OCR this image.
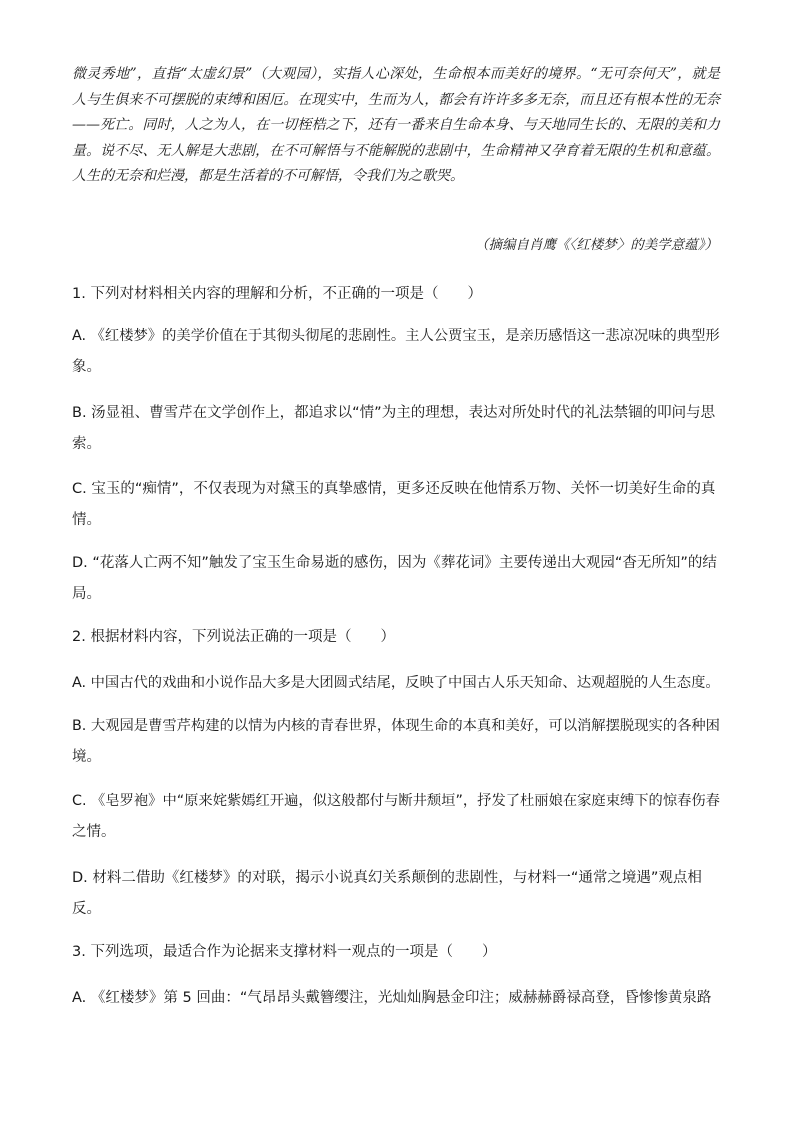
微灵秀地”，直指“太虚幻景”（大观园），实指人心深处，生命根本而美好的境界。“无可奈何天”，就是
人与生俱来不可摆脱的束缚和困厄。在现实中，生而为人，都会有许许多多无奈，而且还有根本性的无奈
——死亡。同时，人之为人，在一切桎梏之下，还有一番来自生命本身、与天地同生长的、无限的美和力
量。说不尽、无人解是大悲剧，在不可解悟与不能解脱的悲剧中，生命精神又孕育着无限的生机和意蕴。
人生的无奈和烂漫，都是生活着的不可解悟，令我们为之歌哭。
（摘编自肖鹰《〈红楼梦〉的美学意蕴》）
1. 下列对材料相关内容的理解和分析，不正确的一项是（　　）
A. 《红楼梦》的美学价值在于其彻头彻尾的悲剧性。主人公贾宝玉，是亲历感悟这一悲凉况味的典型形
象。
B. 汤显祖、曹雪芹在文学创作上，都追求以“情”为主的理想，表达对所处时代的礼法禁锢的叩问与思
索。
C. 宝玉的“痴情”，不仅表现为对黛玉的真挚感情，更多还反映在他情系万物、关怀一切美好生命的真
情。
D. “花落人亡两不知”触发了宝玉生命易逝的感伤，因为《葬花词》主要传递出大观园“杳无所知”的结
局。
2. 根据材料内容，下列说法正确的一项是（　　）
A. 中国古代的戏曲和小说作品大多是大团圆式结尾，反映了中国古人乐天知命、达观超脱的人生态度。
B. 大观园是曹雪芹构建的以情为内核的青春世界，体现生命的本真和美好，可以消解摆脱现实的各种困
境。
C. 《皂罗袍》中“原来姹紫嫣红开遍，似这般都付与断井颓垣”，抒发了杜丽娘在家庭束缚下的惊春伤春
之情。
D. 材料二借助《红楼梦》的对联，揭示小说真幻关系颠倒的悲剧性，与材料一“通常之境遇”观点相
反。
3. 下列选项，最适合作为论据来支撑材料一观点的一项是（　　）
A. 《红楼梦》第 5 回曲：“气昂昂头戴簪缨注，光灿灿胸悬金印注；威赫赫爵禄高登，昏惨惨黄泉路
